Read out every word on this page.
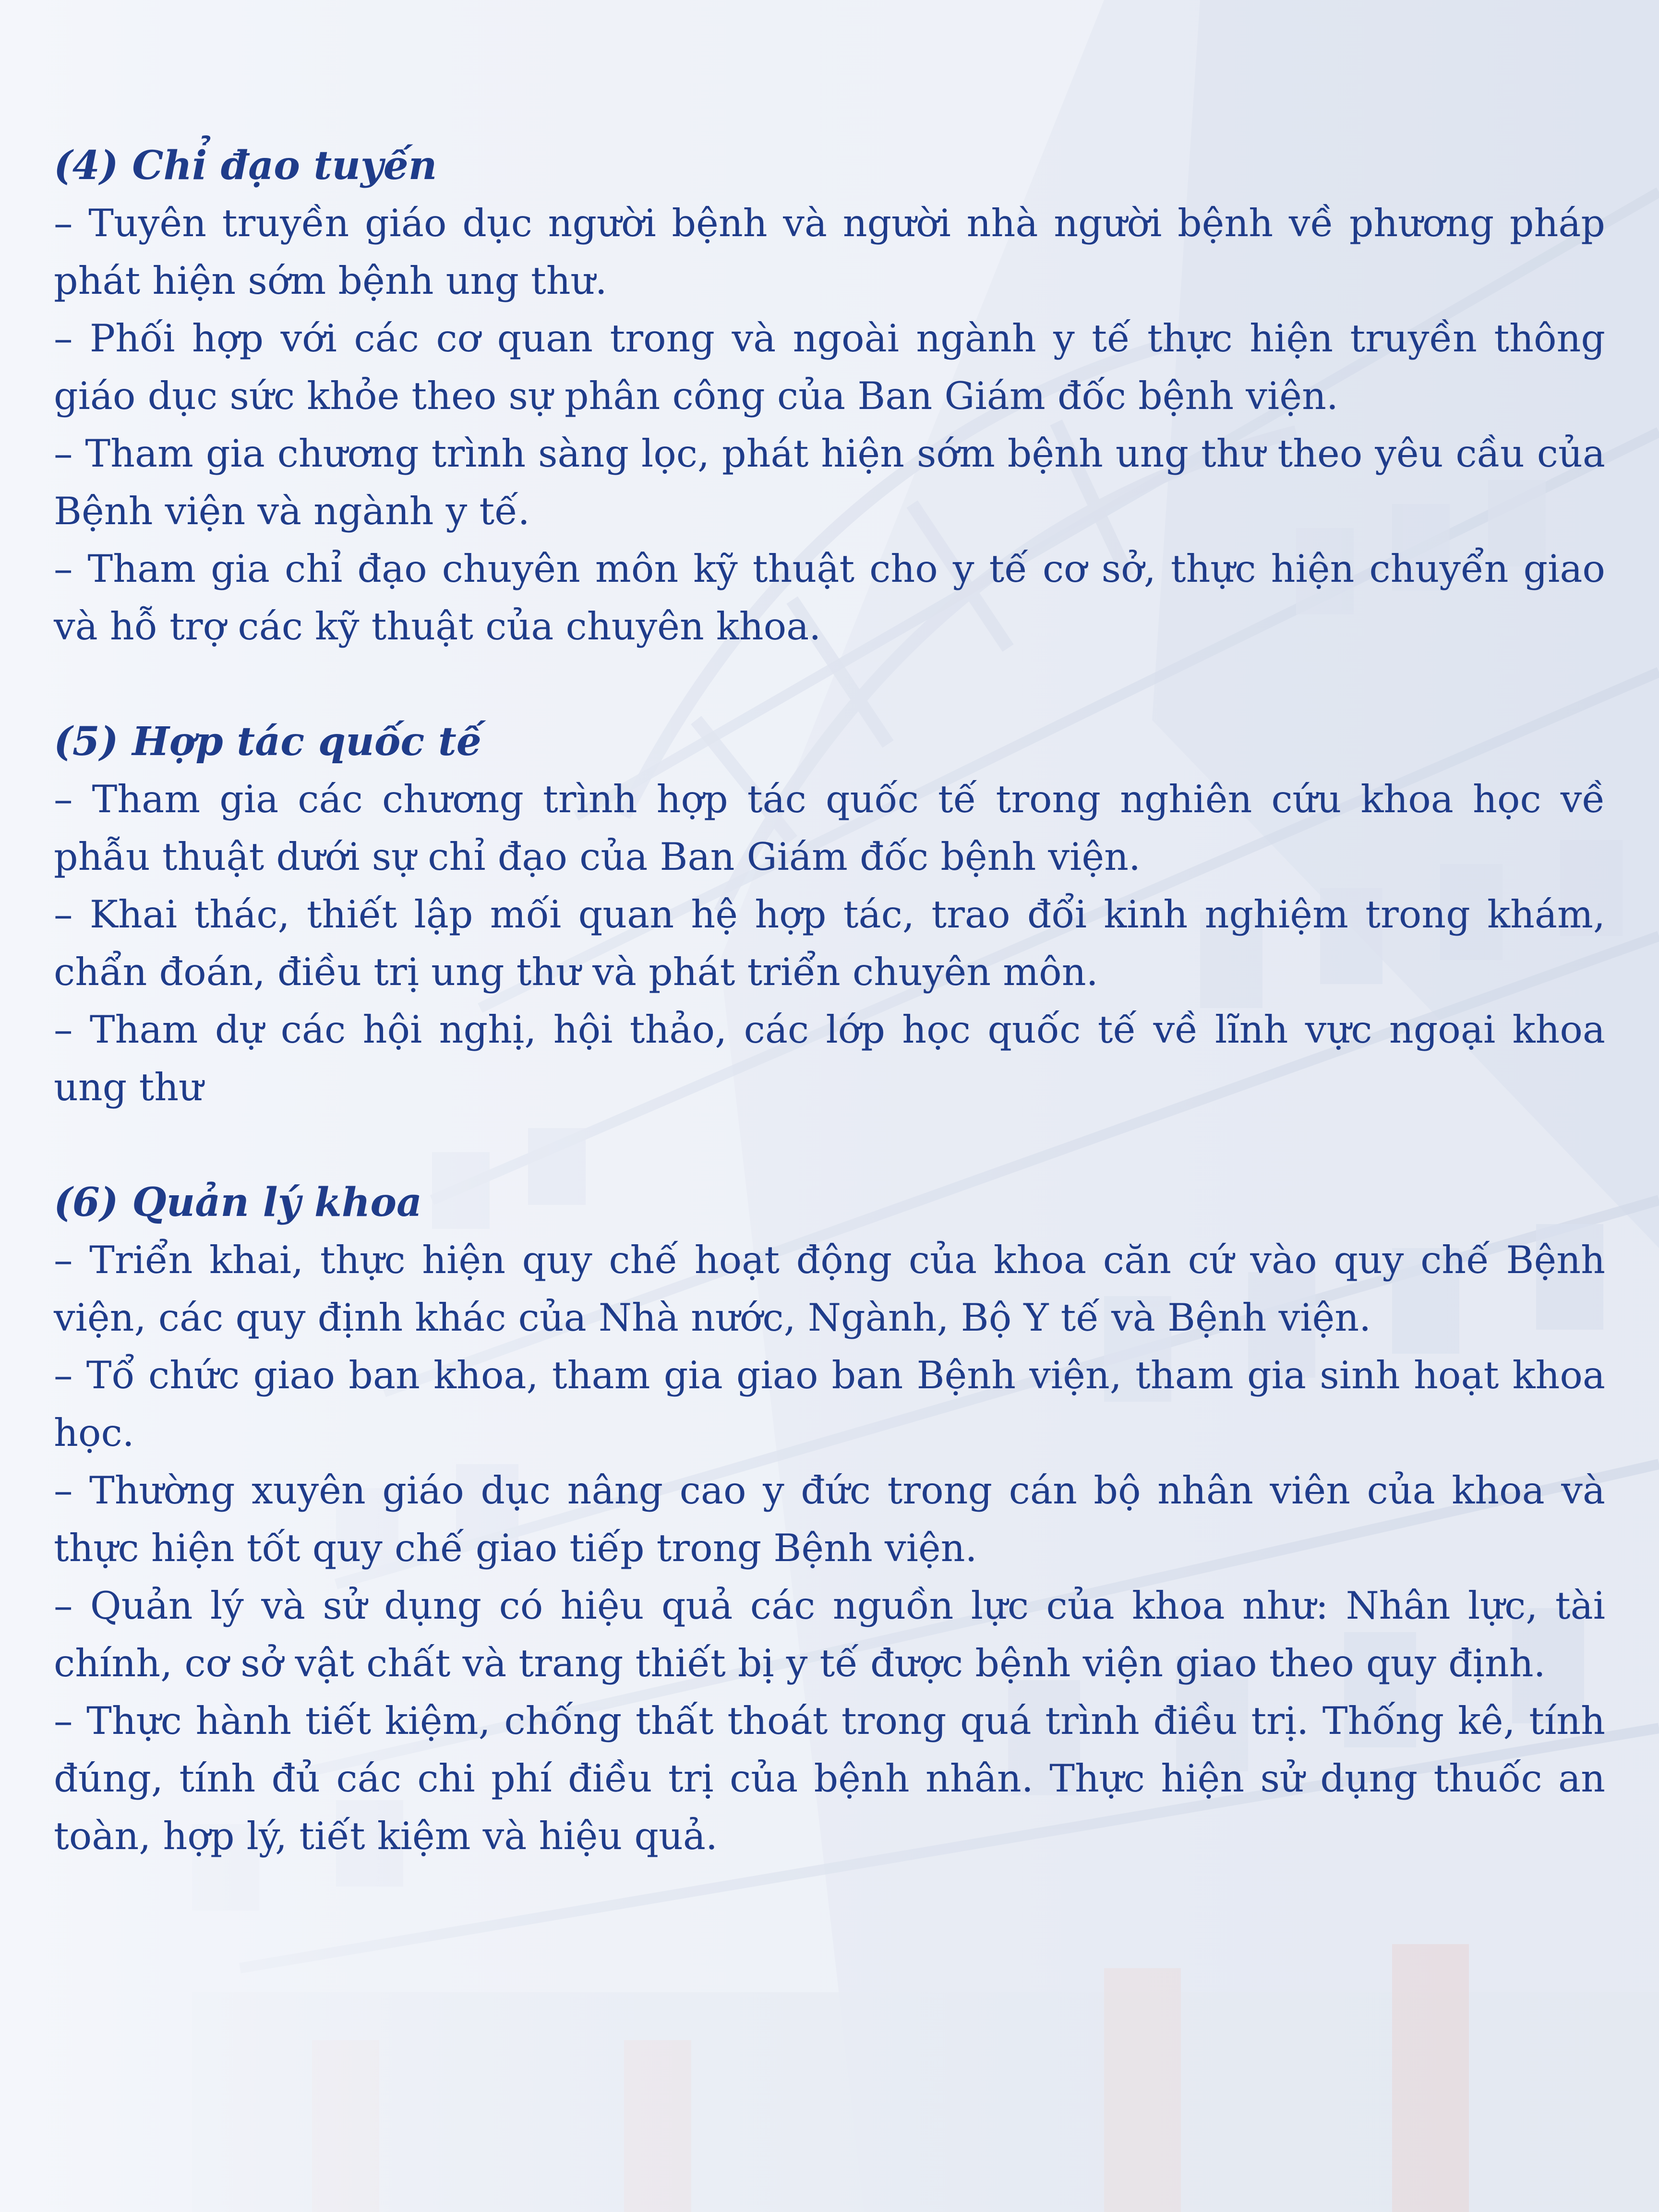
(4) Chỉ đạo tuyến

– Tuyên truyền giáo dục người bệnh và người nhà người bệnh về phương pháp phát hiện sớm bệnh ung thư.

– Phối hợp với các cơ quan trong và ngoài ngành y tế thực hiện truyền thông giáo dục sức khỏe theo sự phân công của Ban Giám đốc bệnh viện.

– Tham gia chương trình sàng lọc, phát hiện sớm bệnh ung thư theo yêu cầu của Bệnh viện và ngành y tế.

– Tham gia chỉ đạo chuyên môn kỹ thuật cho y tế cơ sở, thực hiện chuyển giao và hỗ trợ các kỹ thuật của chuyên khoa.

(5) Hợp tác quốc tế

– Tham gia các chương trình hợp tác quốc tế trong nghiên cứu khoa học về phẫu thuật dưới sự chỉ đạo của Ban Giám đốc bệnh viện.

– Khai thác, thiết lập mối quan hệ hợp tác, trao đổi kinh nghiệm trong khám, chẩn đoán, điều trị ung thư và phát triển chuyên môn.

– Tham dự các hội nghị, hội thảo, các lớp học quốc tế về lĩnh vực ngoại khoa ung thư

(6) Quản lý khoa

– Triển khai, thực hiện quy chế hoạt động của khoa căn cứ vào quy chế Bệnh viện, các quy định khác của Nhà nước, Ngành, Bộ Y tế và Bệnh viện.

– Tổ chức giao ban khoa, tham gia giao ban Bệnh viện, tham gia sinh hoạt khoa học.

– Thường xuyên giáo dục nâng cao y đức trong cán bộ nhân viên của khoa và thực hiện tốt quy chế giao tiếp trong Bệnh viện.

– Quản lý và sử dụng có hiệu quả các nguồn lực của khoa như: Nhân lực, tài chính, cơ sở vật chất và trang thiết bị y tế được bệnh viện giao theo quy định.

– Thực hành tiết kiệm, chống thất thoát trong quá trình điều trị. Thống kê, tính đúng, tính đủ các chi phí điều trị của bệnh nhân. Thực hiện sử dụng thuốc an toàn, hợp lý, tiết kiệm và hiệu quả.
